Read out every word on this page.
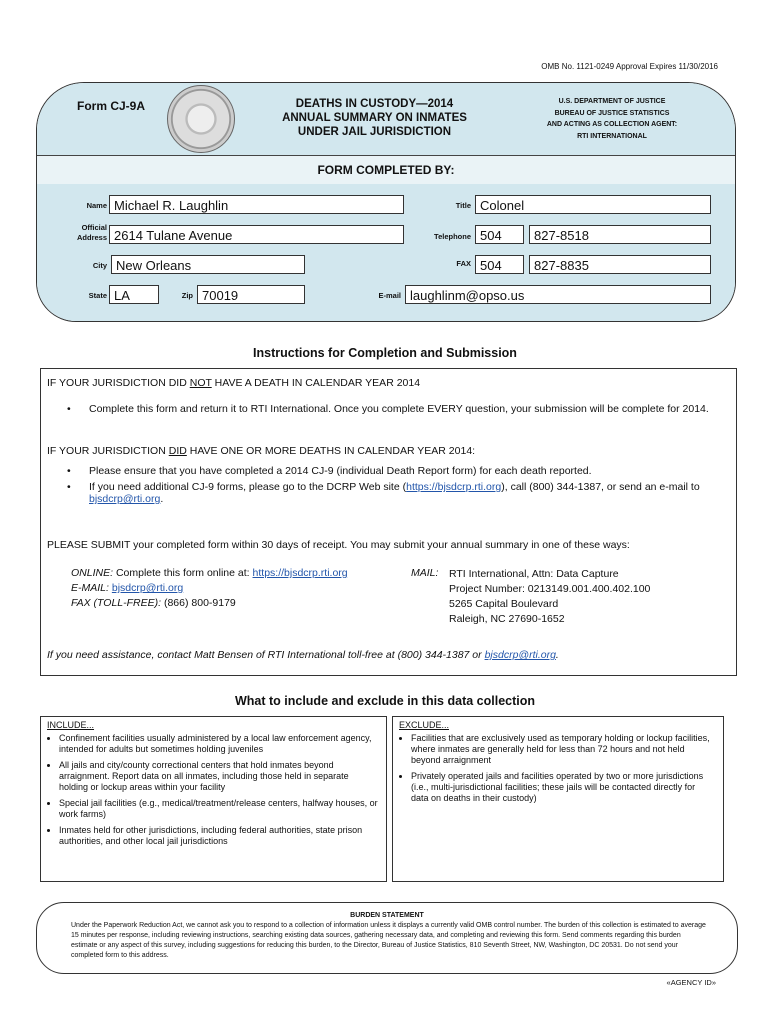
OMB No. 1121-0249 Approval Expires 11/30/2016
FORM COMPLETED BY:
Form CJ-9A	DEATHS IN CUSTODY—2014
ANNUAL SUMMARY ON INMATES
UNDER JAIL JURISDICTION
U.S. DEPARTMENT OF JUSTICE
BUREAU OF JUSTICE STATISTICS
AND ACTING AS COLLECTION AGENT:
RTI INTERNATIONAL
Name Michael R. Laughlin	Title Colonel
Official
Address 2614 Tulane Avenue	Telephone 504	827-8518
City New Orleans	FAX 504	827-8835
State LA	Zip 70019	E-mail laughlinm@opso.us
Instructions for Completion and Submission

IF YOUR JURISDICTION DID NOT HAVE A DEATH IN CALENDAR YEAR 2014

• Complete this form and return it to RTI International. Once you complete EVERY question, your submission will be complete for 2014.

IF YOUR JURISDICTION DID HAVE ONE OR MORE DEATHS IN CALENDAR YEAR 2014:

• Please ensure that you have completed a 2014 CJ-9 (individual Death Report form) for each death reported.
• If you need additional CJ-9 forms, please go to the DCRP Web site (https://bjsdcrp.rti.org), call (800) 344-1387, or send an e-mail to bjsdcrp@rti.org.

PLEASE SUBMIT your completed form within 30 days of receipt. You may submit your annual summary in one of these ways:

ONLINE: Complete this form online at: https://bjsdcrp.rti.org
E-MAIL: bjsdcrp@rti.org
FAX (TOLL-FREE): (866) 800-9179
MAIL: RTI International, Attn: Data Capture
Project Number: 0213149.001.400.402.100
5265 Capital Boulevard
Raleigh, NC 27690-1652

If you need assistance, contact Matt Bensen of RTI International toll-free at (800) 344-1387 or bjsdcrp@rti.org.

What to include and exclude in this data collection
INCLUDE...
• Confinement facilities usually administered by a local law enforcement agency, intended for adults but sometimes holding juveniles
• All jails and city/county correctional centers that hold inmates beyond arraignment. Report data on all inmates, including those held in separate holding or lockup areas within your facility
• Special jail facilities (e.g., medical/treatment/release centers, halfway houses, or work farms)
• Inmates held for other jurisdictions, including federal authorities, state prison authorities, and other local jail jurisdictions
EXCLUDE...
• Facilities that are exclusively used as temporary holding or lockup facilities, where inmates are generally held for less than 72 hours and not held beyond arraignment
• Privately operated jails and facilities operated by two or more jurisdictions (i.e., multi-jurisdictional facilities; these jails will be contacted directly for data on deaths in their custody)
BURDEN STATEMENT
Under the Paperwork Reduction Act, we cannot ask you to respond to a collection of information unless it displays a currently valid OMB control number. The burden of this collection is estimated to average 15 minutes per response, including reviewing instructions, searching existing data sources, gathering necessary data, and completing and reviewing this form. Send comments regarding this burden estimate or any aspect of this survey, including suggestions for reducing this burden, to the Director, Bureau of Justice Statistics, 810 Seventh Street, NW, Washington, DC 20531. Do not send your completed form to this address.
«AGENCY ID»
